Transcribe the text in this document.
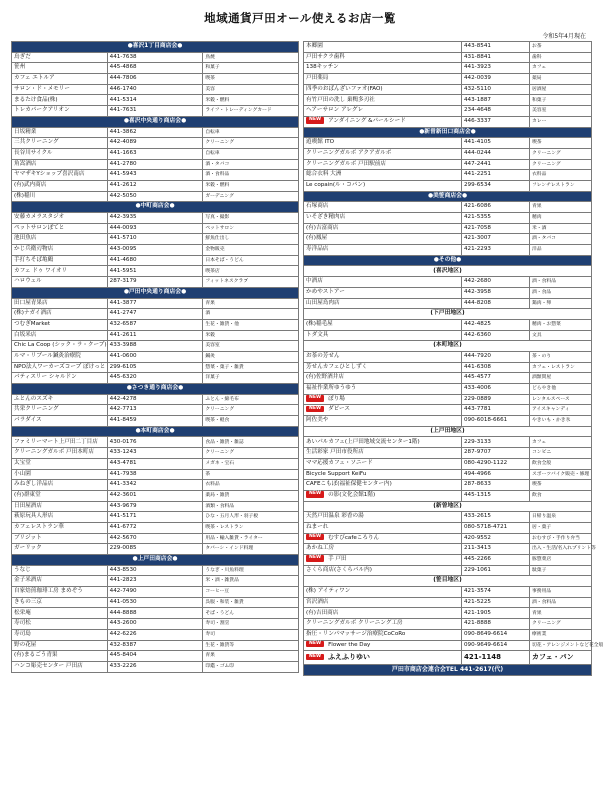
地域通貨戸田オール使えるお店一覧
令和5年4月現在
●喜沢1丁目商店会●		
鳥ぎだ	441-7638	鳥焼
笹州	445-4868	和菓子
カフェ エトルア	444-7806	喫茶
サロン・ド・メモリー	446-1740	美容
まるたけ食品(株)	441-5314	米穀・燃料
トレカパークアリオン	441-7631	ライフ・トレーディングカード
●喜沢中央通り商店会●		
日坂精業	441-3862	自転車
三共クリーニング	442-4089	クリーニング
長谷川サイクル	441-1663	自転車
角嵩酒店	441-2780	酒・タバコ
ヤマザキYショップ喜沢南店	441-5943	酒・食料品
(有)武内商店	441-2612	米穀・燃料
(株)稲川	442-5050	ガーデニング
●中町商店会●		
安藤カメラスタジオ	442-3935	写真・撮影
ペットサロンぽてと	444-0093	ペットサロン
池田魚店	441-5710	鮮魚仕出し
かじ兵衛刃物店	443-0095	金物販売
手打ちそば亀鶴	441-4680	日本そば・うどん
カフェ ドゥ ワイオリ	441-5951	喫茶店
ハロウェル	287-3179	フィットネスクラブ
●戸田中央通り商店会●		
田口屋青果店	441-3877	青果
(株)ナガイ酒店	441-2747	酒
つむぎMarket	432-6587	生花・雑貨・他
白坂米店	441-2611	米穀
Chic La Coop (シック・ラ・クープ)	433-3988	美容室
ルマ・リブール鍼灸治療院	441-0600	鍼灸
NPO法人ワーカーズコープ ぽけっと	299-6105	惣菜・菓子・雑貨
パティスリー シャルドン	445-6320	洋菓子
●さつき通り商店会●		
ふとんのスズキ	442-4278	ふとん・綿毛布
共栄クリーニング	442-7713	クリーニング
パラダイス	441-8459	喫茶・軽食
●本町商店会●		
ファミリーマート上戸田二丁目店	430-0176	食品・雑貨・雑誌
クリーニングガルボ 戸田本町店	433-1243	クリーニング
太宝堂	443-4781	メガネ・宝石
小山園	441-7938	茶
みねぎし洋品店	441-3342	衣料品
(有)群東堂	442-3601	薬局・雑貨
日田屋酒店	443-9679	酒類・食料品
萩原玩具人形店	441-5171	ひな・五月人形・羽子板
カフェレストラン華	441-6772	喫茶・レストラン
ブリジット	442-5670	用品・輸入雑貨・ライター
ガーリック	229-0085	タバーシ・インド料理
●上戸田商店会●		
うなじ	443-8530	うなぎ・川魚料理
金子米酒店	441-2823	米・酒・雑貨品
自家焙煎珈琲工房 まめぞう	442-7490	コーヒー豆
きもの三京	441-0530	呉服・和装・雑貨
松栄庵	444-8888	そば・うどん
寿司松	443-2600	寿司・割烹
寿司島	442-6226	寿司
野の花屋	432-8387	生花・雑貨等
(有)まるごう青果	445-8404	青果
ハンコ彫売センター 戸田店	433-2226	印鑑・ゴム印
本郷園	443-8541	お茶
戸田サクラ歯科	431-8841	歯科
138キッチン	441-3923	カフェ
戸田薬局	442-0039	薬局
四季のおばんざいファオ(FAO)	432-5110	居酒屋
有竹戸田の洗し 巣鴨多刃社	443-1887	和菓子
ヘアーサロン アレグレ	234-4648	美容室
NEW アンダイニング &パールシード	446-3337	カレー
●新曽新田口商店会●		
遊喫館 ITO	441-4105	喫茶
クリーニングガルボ アクアガルボ	444-0244	クリーニング
クリーニングガルボ 戸田駅前店	447-2441	クリーニング
総合衣料 大洲	441-2251	衣料品
Le copain(ル・コパン)	299-6534	フレンチレストラン
●美笹商店会●		
石塚商店	421-6086	青果
いそざき精肉店	421-5355	精肉
(有)吉富商店	421-7058	米・酒
(有)鳳屋	421-3007	酒・タバコ
寿洋品店	421-2293	洋品
●その他●		
(喜沢地区)		
中酒店	442-2680	酒・食料品
かめやストアー	442-3958	酒・食品
山田屋鳥肉店	444-8208	鶏肉・卵
(下戸田地区)		
(株)稲毛屋	442-4825	精肉・お惣菜
トダ文具	442-6360	文具
(本町地区)		
お茶の芳せん	444-7920	茶・のり
芳せんカフェひとしずく	441-6308	カフェ・レストラン
(有)佐野酒井店	445-4577	酒類問屋
福祉作業所ゆうゆう	433-4006	どらやき他
NEW ぽり場	229-0889	レンタルスペース
NEW ダピース	443-7781	アイスキャンディ
阿佐美や	090-6018-6661	やきいも・かき氷
(上戸田地区)		
あいパルカフェ(上戸田地域交流センター1階)	229-3133	カフェ
生活彩家 戸田市役所店	287-9707	コンビニ
ママ応援カフェ・ソニード	080-4290-1122	飲食全般
Bicycle Support KeiFu	494-4966	スポーツバイク販売・修理
CAFEこもぽ(福祉保健センター内)	287-8633	喫茶
NEW の影(文化会館1階)	445-1315	飲食
(新曽地区)		
天然戸田温泉 彩香の湯	433-2615	日帰り温泉
ねまーれ	080-5718-4721	居・菓子
NEW むすびcafeころりん	420-9552	おむすび・手作り弁当
あかね工房	211-3413	出入・生活/名入れプリント等
NEW 手 戸田	445-2266	豚惣菜店
さくら商店(さくらパル内)	229-1061	駄菓子
(笹目地区)		
(株) アイティワン	421-3574	事務用品
宮沢酒店	421-5225	酒・食料品
(有)吉田商店	421-1905	青果
クリーニングガルボ クリーニング工房	421-8888	クリーニング
指圧・リンパマッサージ治療院CoCoRo	090-8649-6614	療術業
NEW Flower the Day	090-9649-6614	切花・アレンジメントなど花全般
NEW ふえふりゆい	421-1148	カフェ・パン
戸田市商店会連合会TEL 441-2617(代)		
